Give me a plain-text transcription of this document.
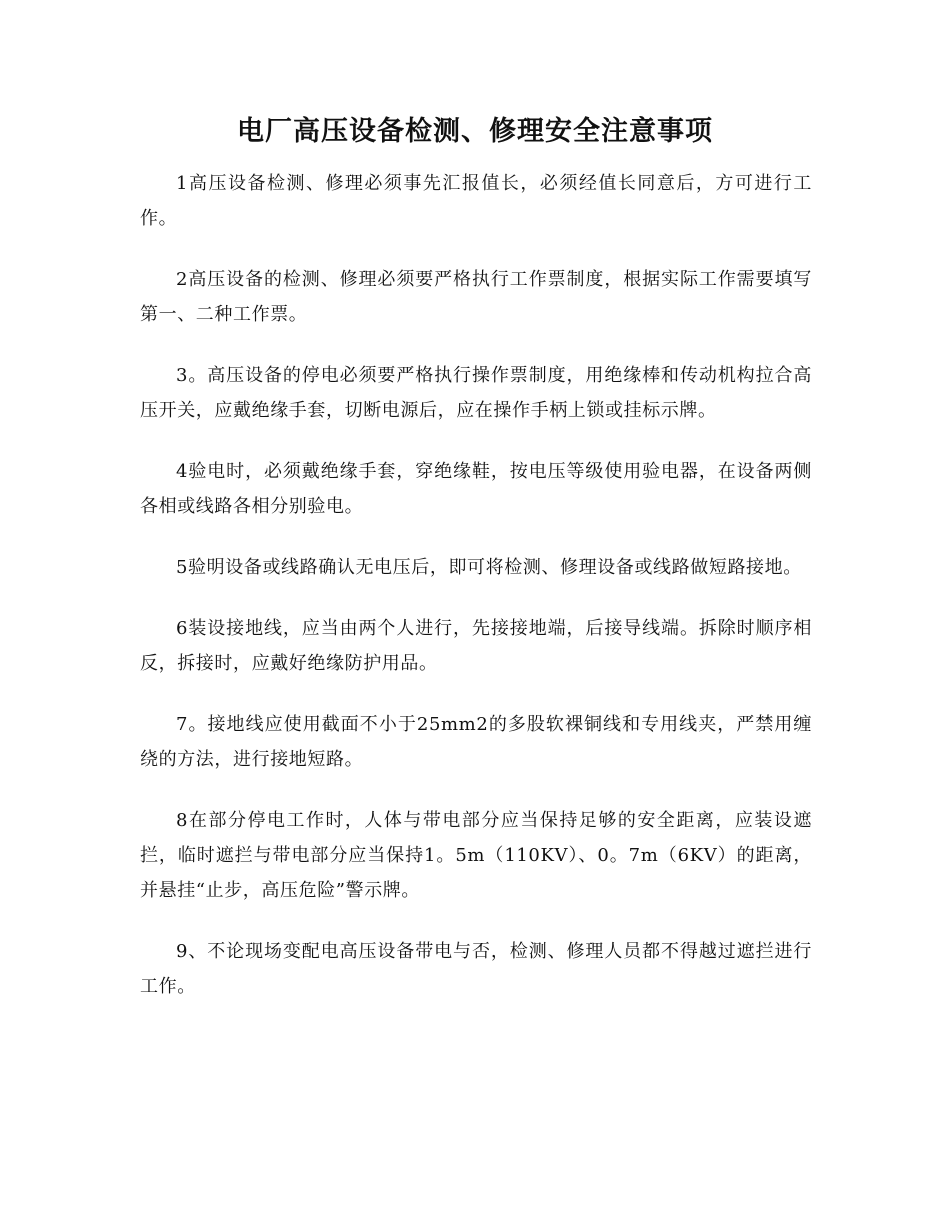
电厂高压设备检测、修理安全注意事项

1高压设备检测、修理必须事先汇报值长，必须经值长同意后，方可进行工作。

2高压设备的检测、修理必须要严格执行工作票制度，根据实际工作需要填写第一、二种工作票。

3。高压设备的停电必须要严格执行操作票制度，用绝缘棒和传动机构拉合高压开关，应戴绝缘手套，切断电源后，应在操作手柄上锁或挂标示牌。

4验电时，必须戴绝缘手套，穿绝缘鞋，按电压等级使用验电器，在设备两侧各相或线路各相分别验电。

5验明设备或线路确认无电压后，即可将检测、修理设备或线路做短路接地。

6装设接地线，应当由两个人进行，先接接地端，后接导线端。拆除时顺序相反，拆接时，应戴好绝缘防护用品。

7。接地线应使用截面不小于25mm2的多股软裸铜线和专用线夹，严禁用缠绕的方法，进行接地短路。

8在部分停电工作时，人体与带电部分应当保持足够的安全距离，应装设遮拦，临时遮拦与带电部分应当保持1。5m（110KV）、0。7m（6KV）的距离，并悬挂“止步，高压危险”警示牌。

9、不论现场变配电高压设备带电与否，检测、修理人员都不得越过遮拦进行工作。
